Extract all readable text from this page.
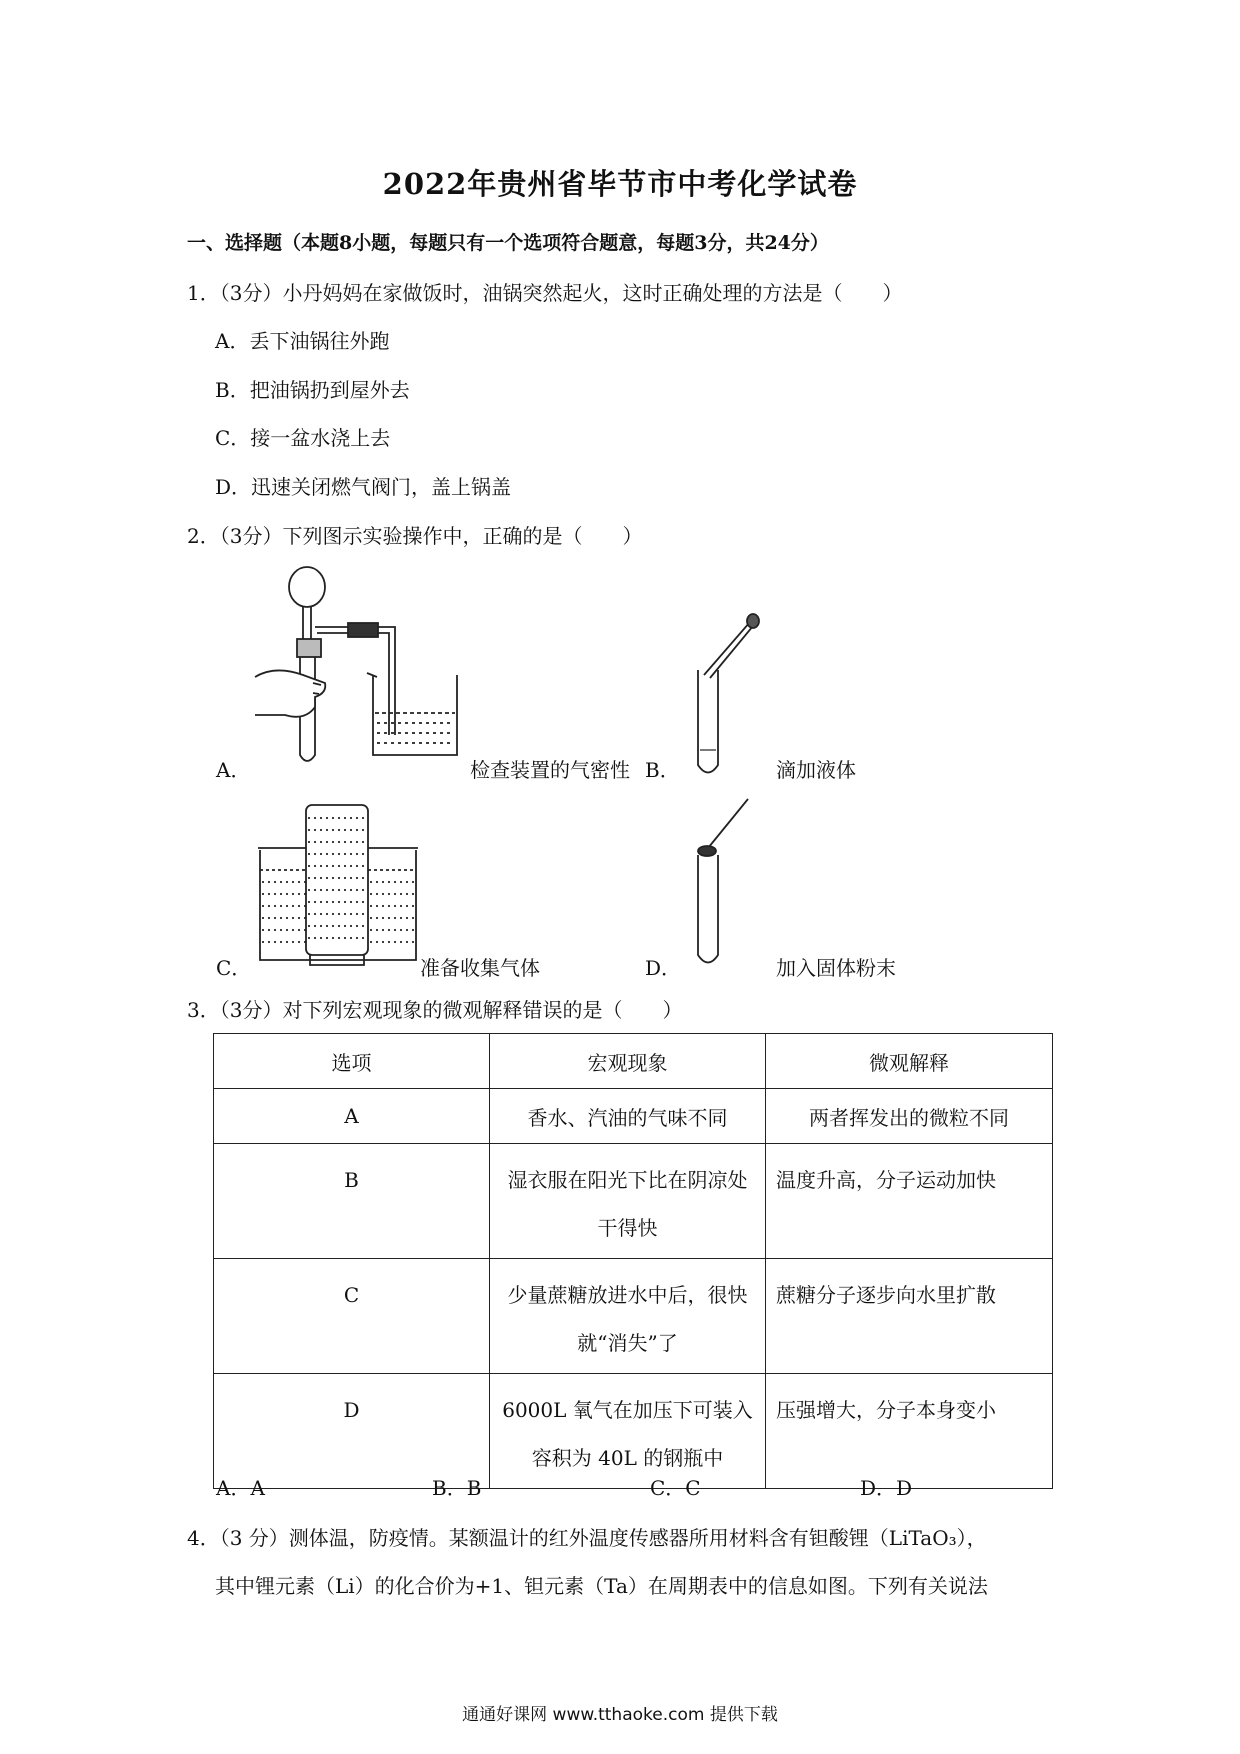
2022年贵州省毕节市中考化学试卷
一、选择题（本题8小题，每题只有一个选项符合题意，每题3分，共24分）
1．（3分）小丹妈妈在家做饭时，油锅突然起火，这时正确处理的方法是（　　）
A．丢下油锅往外跑
B．把油锅扔到屋外去
C．接一盆水浇上去
D．迅速关闭燃气阀门，盖上锅盖
2．（3分）下列图示实验操作中，正确的是（　　）
A．	检查装置的气密性 B．	滴加液体
C．	准备收集气体	D．	加入固体粉末
3．（3分）对下列宏观现象的微观解释错误的是（　　）
选项	宏观现象	微观解释
A	香水、汽油的气味不同	两者挥发出的微粒不同
B	湿衣服在阳光下比在阴凉处
干得快	温度升高，分子运动加快
C	少量蔗糖放进水中后，很快
就“消失”了	蔗糖分子逐步向水里扩散
D	6000L 氧气在加压下可装入
容积为 40L 的钢瓶中	压强增大，分子本身变小
A．A	B．B	C．C	D．D
4．（3 分）测体温，防疫情。某额温计的红外温度传感器所用材料含有钽酸锂（LiTaO₃），
其中锂元素（Li）的化合价为+1、钽元素（Ta）在周期表中的信息如图。下列有关说法
通通好课网 www.tthaoke.com 提供下载
